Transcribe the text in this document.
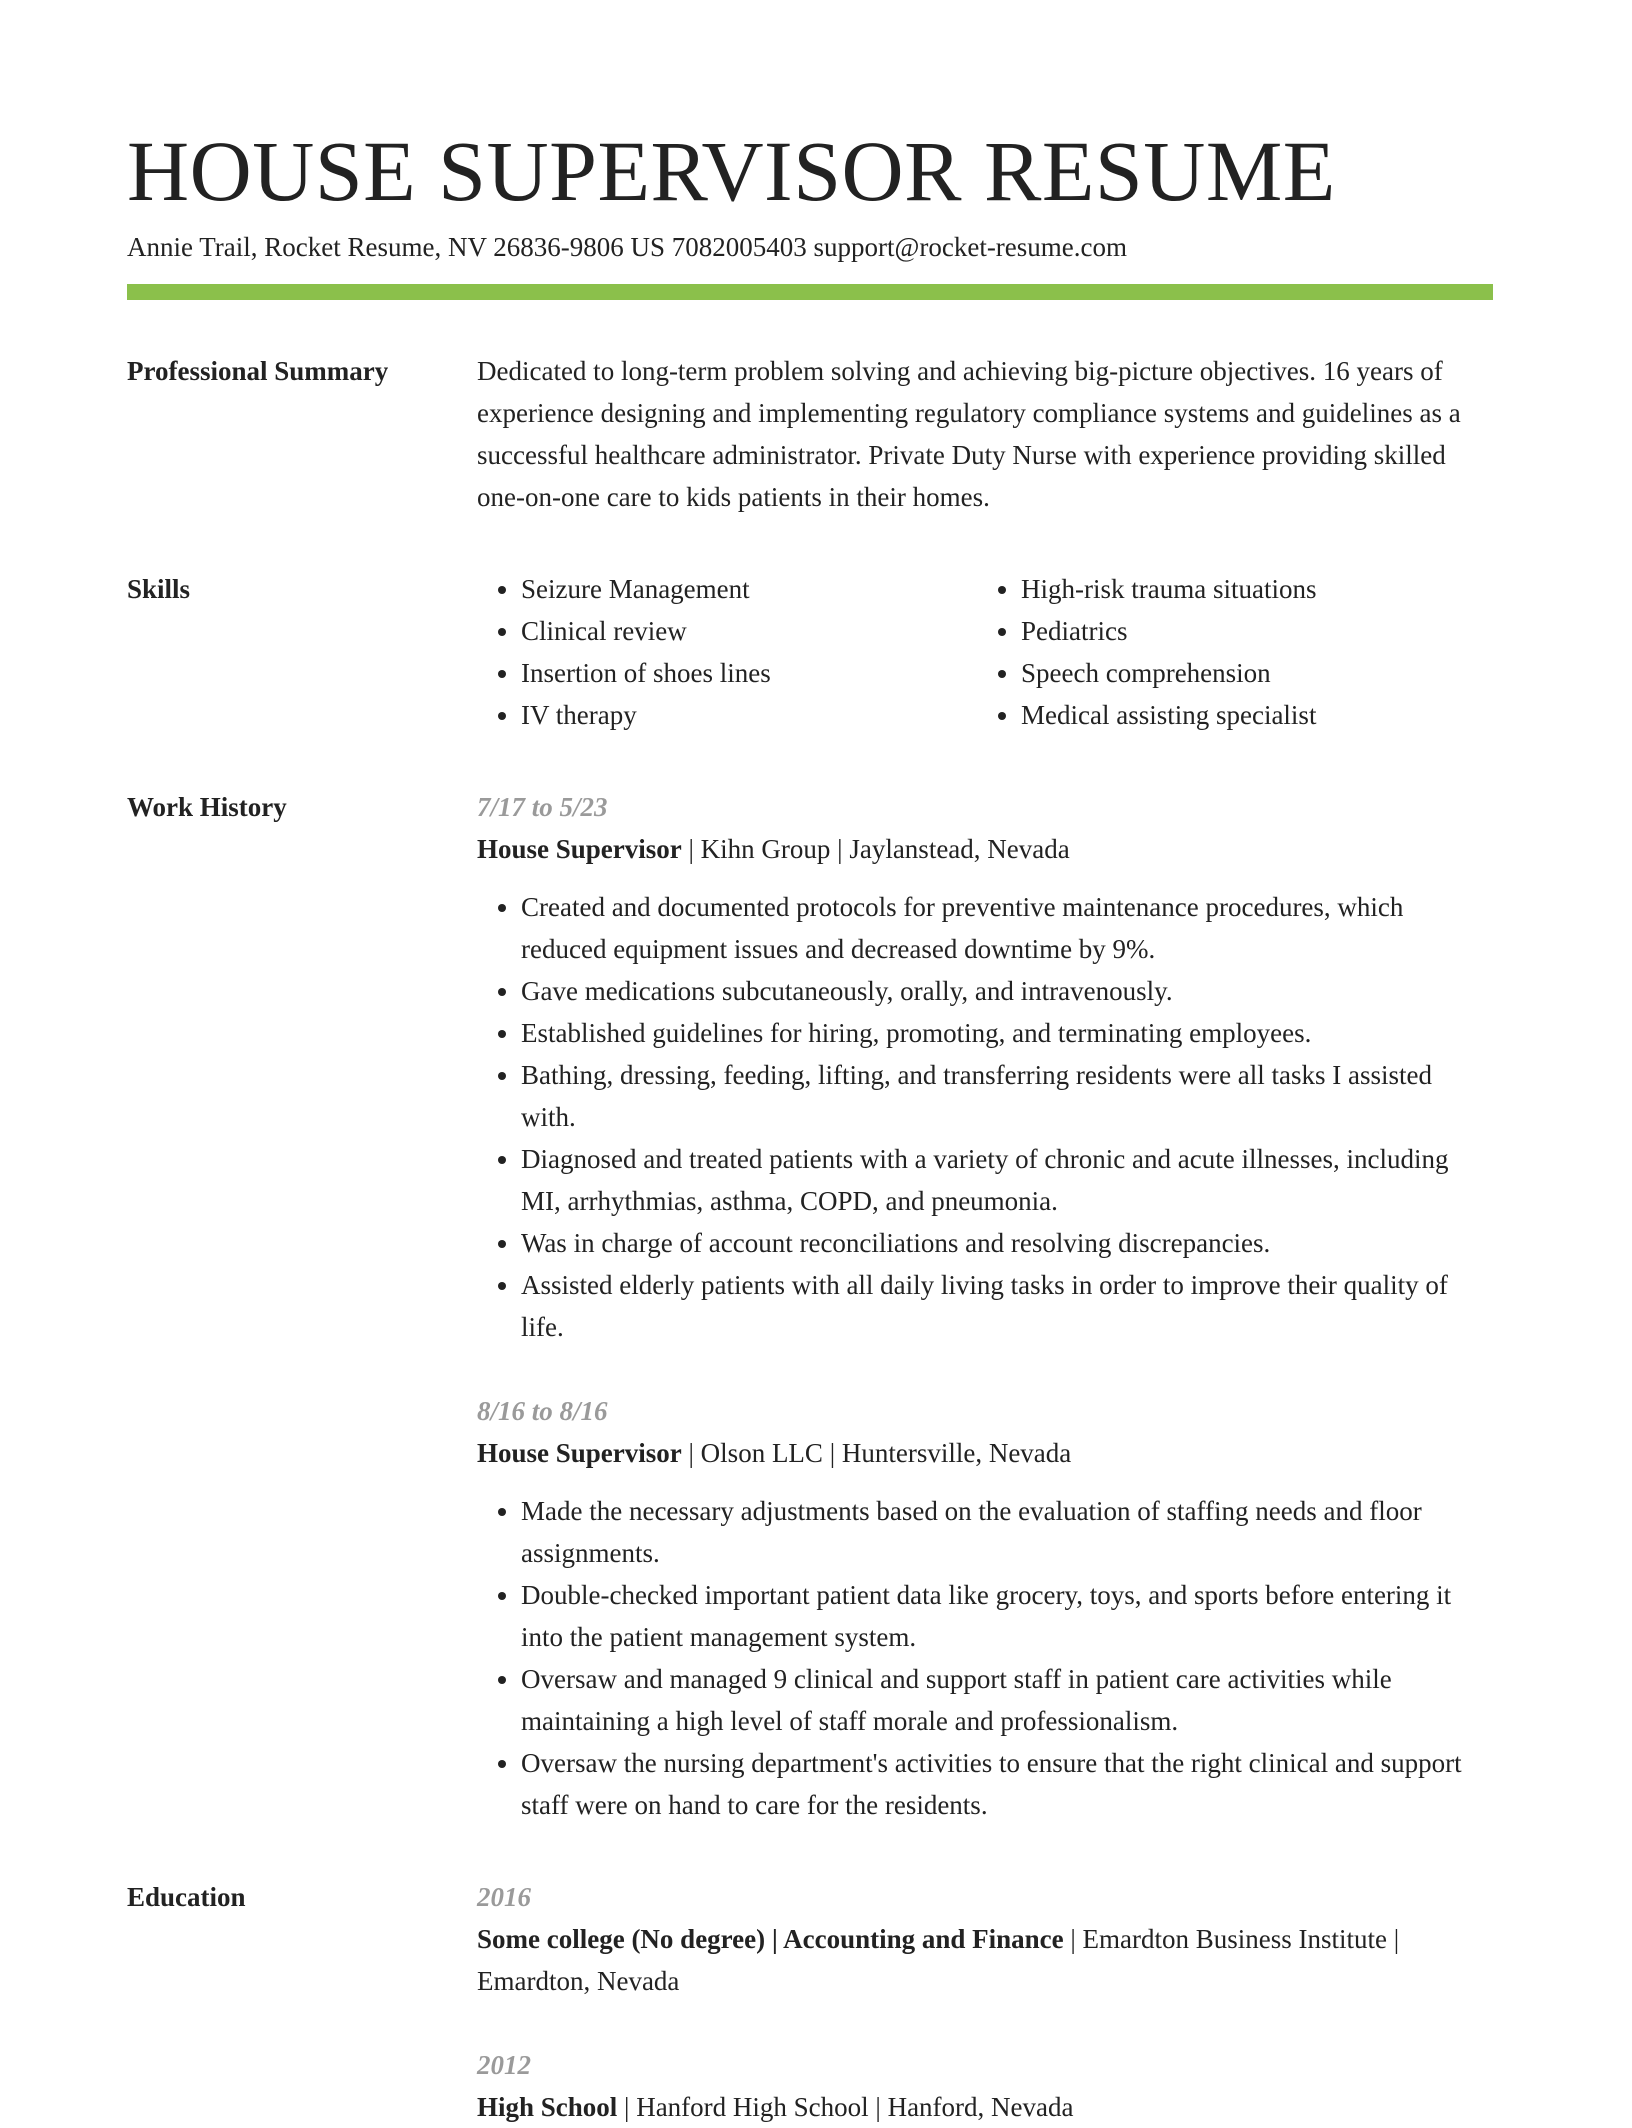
HOUSE SUPERVISOR RESUME
Annie Trail, Rocket Resume, NV 26836-9806 US 7082005403 support@rocket-resume.com
Professional Summary	Dedicated to long-term problem solving and achieving big-picture objectives. 16 years of experience designing and implementing regulatory compliance systems and guidelines as a successful healthcare administrator. Private Duty Nurse with experience providing skilled one-on-one care to kids patients in their homes.
Skills
•	Seizure Management
• Clinical review
• Insertion of shoes lines
• IV therapy
• High-risk trauma situations
• Pediatrics
• Speech comprehension
• Medical assisting specialist
Work History	7/17 to 5/23
House Supervisor | Kihn Group | Jaylanstead, Nevada
• Created and documented protocols for preventive maintenance procedures, which reduced equipment issues and decreased downtime by 9%.
• Gave medications subcutaneously, orally, and intravenously.
• Established guidelines for hiring, promoting, and terminating employees.
• Bathing, dressing, feeding, lifting, and transferring residents were all tasks I assisted with.
• Diagnosed and treated patients with a variety of chronic and acute illnesses, including MI, arrhythmias, asthma, COPD, and pneumonia.
• Was in charge of account reconciliations and resolving discrepancies.
• Assisted elderly patients with all daily living tasks in order to improve their quality of life.
8/16 to 8/16
House Supervisor | Olson LLC | Huntersville, Nevada
• Made the necessary adjustments based on the evaluation of staffing needs and floor assignments.
• Double-checked important patient data like grocery, toys, and sports before entering it into the patient management system.
• Oversaw and managed 9 clinical and support staff in patient care activities while maintaining a high level of staff morale and professionalism.
• Oversaw the nursing department's activities to ensure that the right clinical and support staff were on hand to care for the residents.
Education	2016
Some college (No degree) | Accounting and Finance | Emardton Business Institute | Emardton, Nevada
2012
High School | Hanford High School | Hanford, Nevada
